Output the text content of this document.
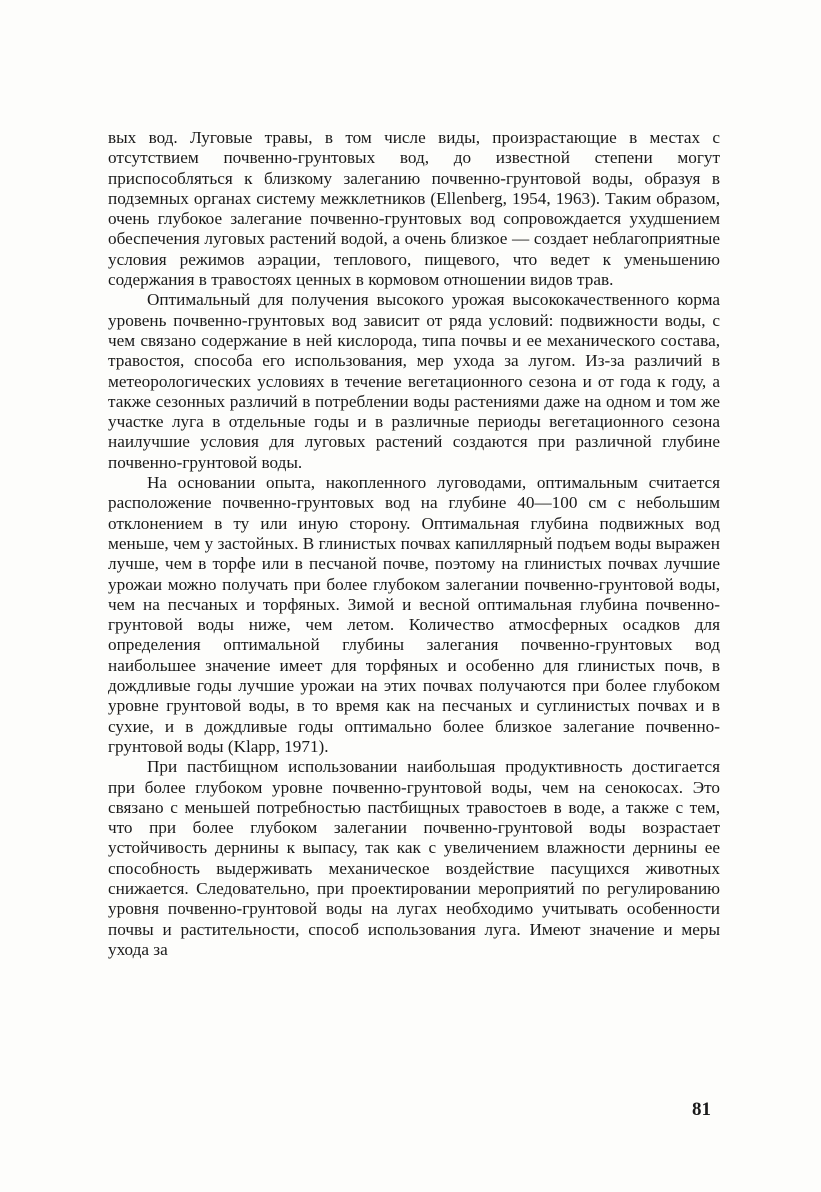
вых вод. Луговые травы, в том числе виды, произрастающие в местах с отсутствием почвенно-грунтовых вод, до известной степени могут приспособляться к близкому залеганию почвенно-грунтовой воды, образуя в подземных органах систему межклетников (Ellenberg, 1954, 1963). Таким образом, очень глубокое залегание почвенно-грунтовых вод сопровождается ухудшением обеспечения луговых растений водой, а очень близкое — создает неблагоприятные условия режимов аэрации, теплового, пищевого, что ведет к уменьшению содержания в травостоях ценных в кормовом отношении видов трав.

Оптимальный для получения высокого урожая высококачественного корма уровень почвенно-грунтовых вод зависит от ряда условий: подвижности воды, с чем связано содержание в ней кислорода, типа почвы и ее механического состава, травостоя, способа его использования, мер ухода за лугом. Из-за различий в метеорологических условиях в течение вегетационного сезона и от года к году, а также сезонных различий в потреблении воды растениями даже на одном и том же участке луга в отдельные годы и в различные периоды вегетационного сезона наилучшие условия для луговых растений создаются при различной глубине почвенно-грунтовой воды.

На основании опыта, накопленного луговодами, оптимальным считается расположение почвенно-грунтовых вод на глубине 40—100 см с небольшим отклонением в ту или иную сторону. Оптимальная глубина подвижных вод меньше, чем у застойных. В глинистых почвах капиллярный подъем воды выражен лучше, чем в торфе или в песчаной почве, поэтому на глинистых почвах лучшие урожаи можно получать при более глубоком залегании почвенно-грунтовой воды, чем на песчаных и торфяных. Зимой и весной оптимальная глубина почвенно-грунтовой воды ниже, чем летом. Количество атмосферных осадков для определения оптимальной глубины залегания почвенно-грунтовых вод наибольшее значение имеет для торфяных и особенно для глинистых почв, в дождливые годы лучшие урожаи на этих почвах получаются при более глубоком уровне грунтовой воды, в то время как на песчаных и суглинистых почвах и в сухие, и в дождливые годы оптимально более близкое залегание почвенно-грунтовой воды (Klapp, 1971).

При пастбищном использовании наибольшая продуктивность достигается при более глубоком уровне почвенно-грунтовой воды, чем на сенокосах. Это связано с меньшей потребностью пастбищных травостоев в воде, а также с тем, что при более глубоком залегании почвенно-грунтовой воды возрастает устойчивость дернины к выпасу, так как с увеличением влажности дернины ее способность выдерживать механическое воздействие пасущихся животных снижается. Следовательно, при проектировании мероприятий по регулированию уровня почвенно-грунтовой воды на лугах необходимо учитывать особенности почвы и растительности, способ использования луга. Имеют значение и меры ухода за

81
